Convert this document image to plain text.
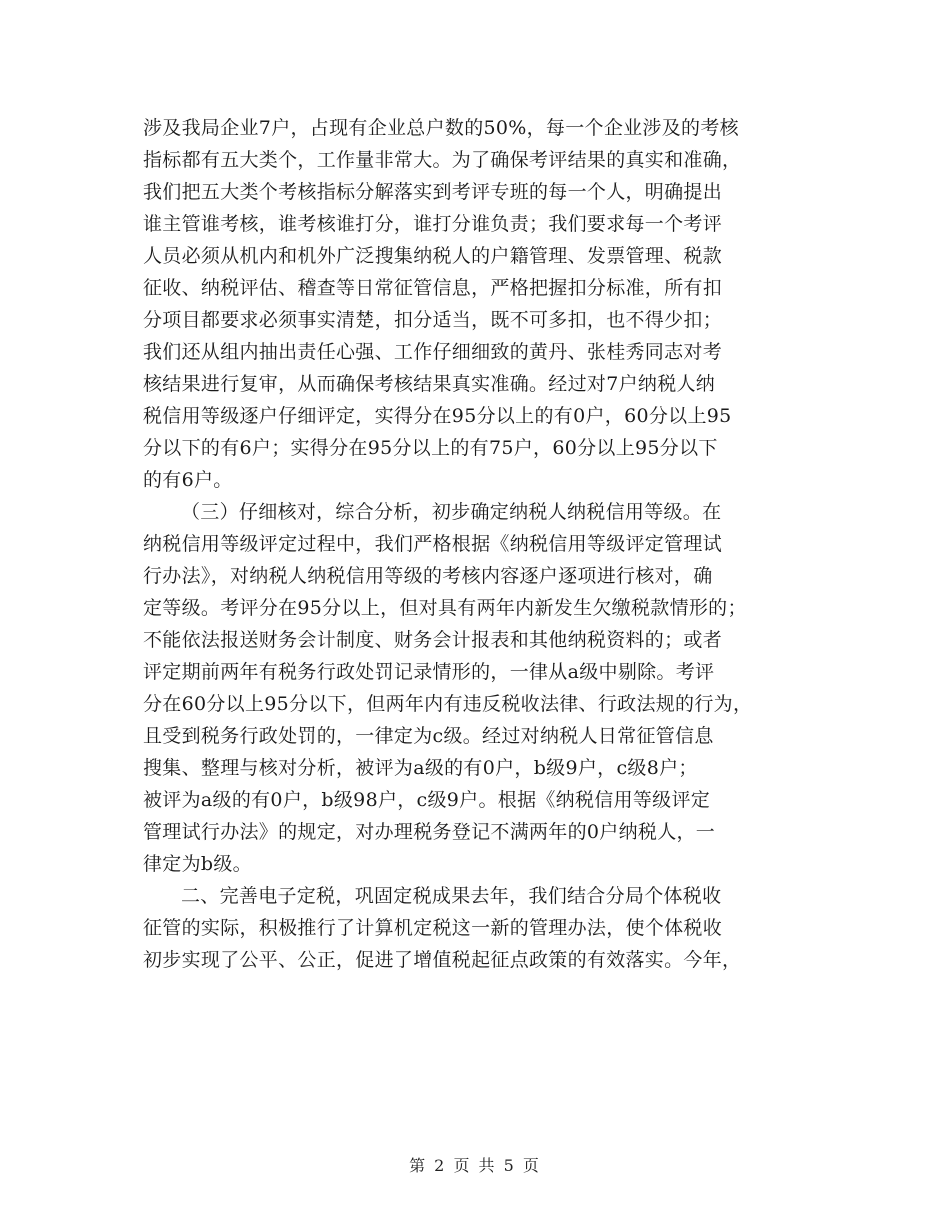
涉及我局企业7户，占现有企业总户数的50%，每一个企业涉及的考核
指标都有五大类个，工作量非常大。为了确保考评结果的真实和准确，
我们把五大类个考核指标分解落实到考评专班的每一个人，明确提出
谁主管谁考核，谁考核谁打分，谁打分谁负责；我们要求每一个考评
人员必须从机内和机外广泛搜集纳税人的户籍管理、发票管理、税款
征收、纳税评估、稽查等日常征管信息，严格把握扣分标准，所有扣
分项目都要求必须事实清楚，扣分适当，既不可多扣，也不得少扣；
我们还从组内抽出责任心强、工作仔细细致的黄丹、张桂秀同志对考
核结果进行复审，从而确保考核结果真实准确。经过对7户纳税人纳
税信用等级逐户仔细评定，实得分在95分以上的有0户，60分以上95
分以下的有6户；实得分在95分以上的有75户，60分以上95分以下
的有6户。
（三）仔细核对，综合分析，初步确定纳税人纳税信用等级。在
纳税信用等级评定过程中，我们严格根据《纳税信用等级评定管理试
行办法》，对纳税人纳税信用等级的考核内容逐户逐项进行核对，确
定等级。考评分在95分以上，但对具有两年内新发生欠缴税款情形的；
不能依法报送财务会计制度、财务会计报表和其他纳税资料的；或者
评定期前两年有税务行政处罚记录情形的，一律从a级中剔除。考评
分在60分以上95分以下，但两年内有违反税收法律、行政法规的行为，
且受到税务行政处罚的，一律定为c级。经过对纳税人日常征管信息
搜集、整理与核对分析，被评为a级的有0户，b级9户，c级8户；
被评为a级的有0户，b级98户，c级9户。根据《纳税信用等级评定
管理试行办法》的规定，对办理税务登记不满两年的0户纳税人，一
律定为b级。
二、完善电子定税，巩固定税成果去年，我们结合分局个体税收
征管的实际，积极推行了计算机定税这一新的管理办法，使个体税收
初步实现了公平、公正，促进了增值税起征点政策的有效落实。今年，
第 2 页 共 5 页
